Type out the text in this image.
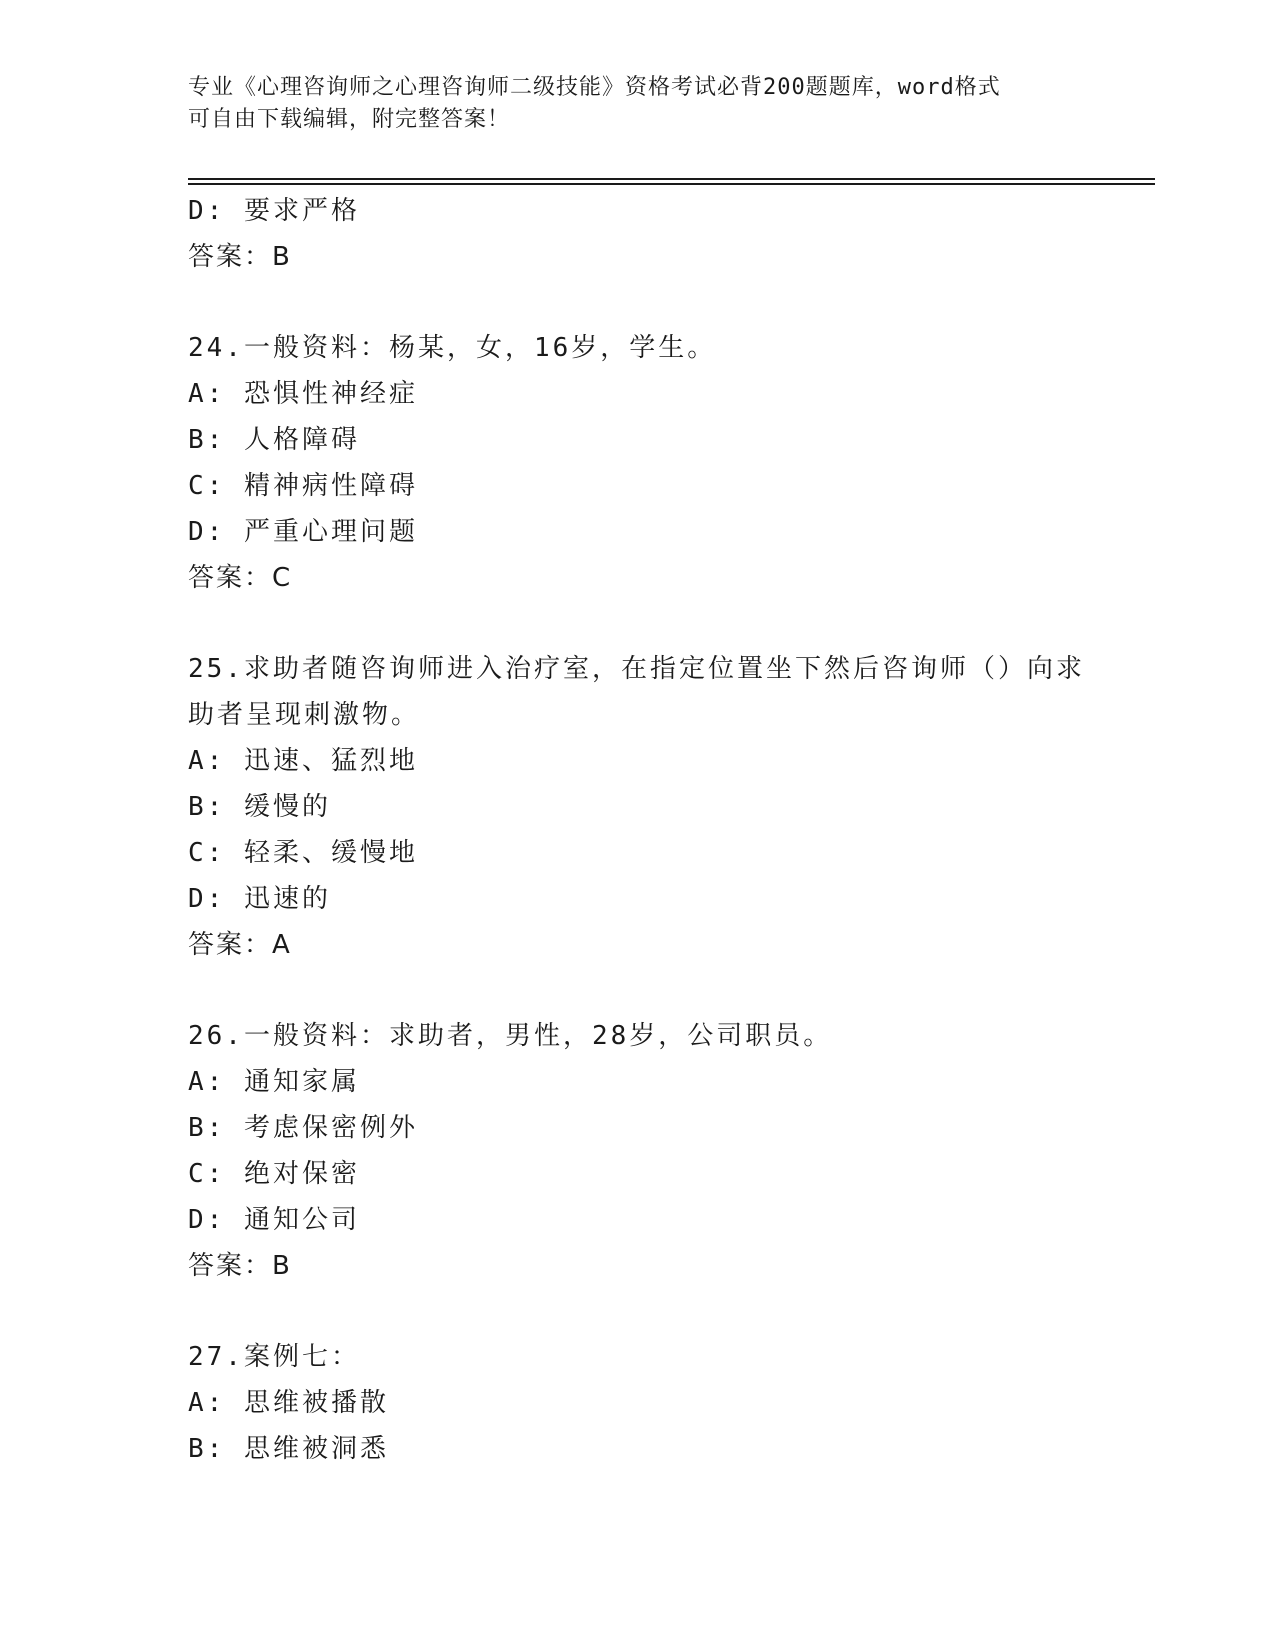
专业《心理咨询师之心理咨询师二级技能》资格考试必背200题题库，word格式
可自由下载编辑，附完整答案！
D: 要求严格
答案：B
24.一般资料：杨某，女，16岁，学生。
A: 恐惧性神经症
B: 人格障碍
C: 精神病性障碍
D: 严重心理问题
答案：C
25.求助者随咨询师进入治疗室，在指定位置坐下然后咨询师（）向求
助者呈现刺激物。
A: 迅速、猛烈地
B: 缓慢的
C: 轻柔、缓慢地
D: 迅速的
答案：A
26.一般资料：求助者，男性，28岁，公司职员。
A: 通知家属
B: 考虑保密例外
C: 绝对保密
D: 通知公司
答案：B
27.案例七：
A: 思维被播散
B: 思维被洞悉
